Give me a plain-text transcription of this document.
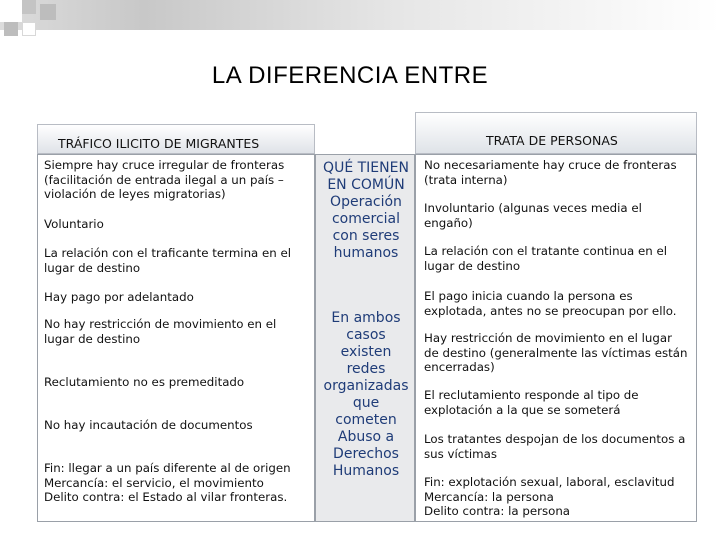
LA DIFERENCIA ENTRE
TRÁFICO ILICITO DE MIGRANTES	TRATA DE PERSONAS

Siempre hay cruce irregular de fronteras (facilitación de entrada ilegal a un país – violación de leyes migratorias)

Voluntario

La relación con el traficante termina en el lugar de destino

Hay pago por adelantado

No hay restricción de movimiento en el lugar de destino

Reclutamiento no es premeditado

No hay incautación de documentos

Fin: llegar a un país diferente al de origen
Mercancía: el servicio, el movimiento
Delito contra: el Estado al vilar fronteras.

QUÉ TIENEN
EN COMÚN
Operación
comercial
con seres
humanos
En ambos
casos
existen
redes
organizadas
que
cometen
Abuso a
Derechos
Humanos

No necesariamente hay cruce de fronteras (trata interna)

Involuntario (algunas veces media el engaño)

La relación con el tratante continua en el lugar de destino

El pago inicia cuando la persona es explotada, antes no se preocupan por ello.

Hay restricción de movimiento en el lugar de destino (generalmente las víctimas están encerradas)

El reclutamiento responde al tipo de explotación a la que se someterá

Los tratantes despojan de los documentos a sus víctimas

Fin: explotación sexual, laboral, esclavitud
Mercancía: la persona
Delito contra: la persona
